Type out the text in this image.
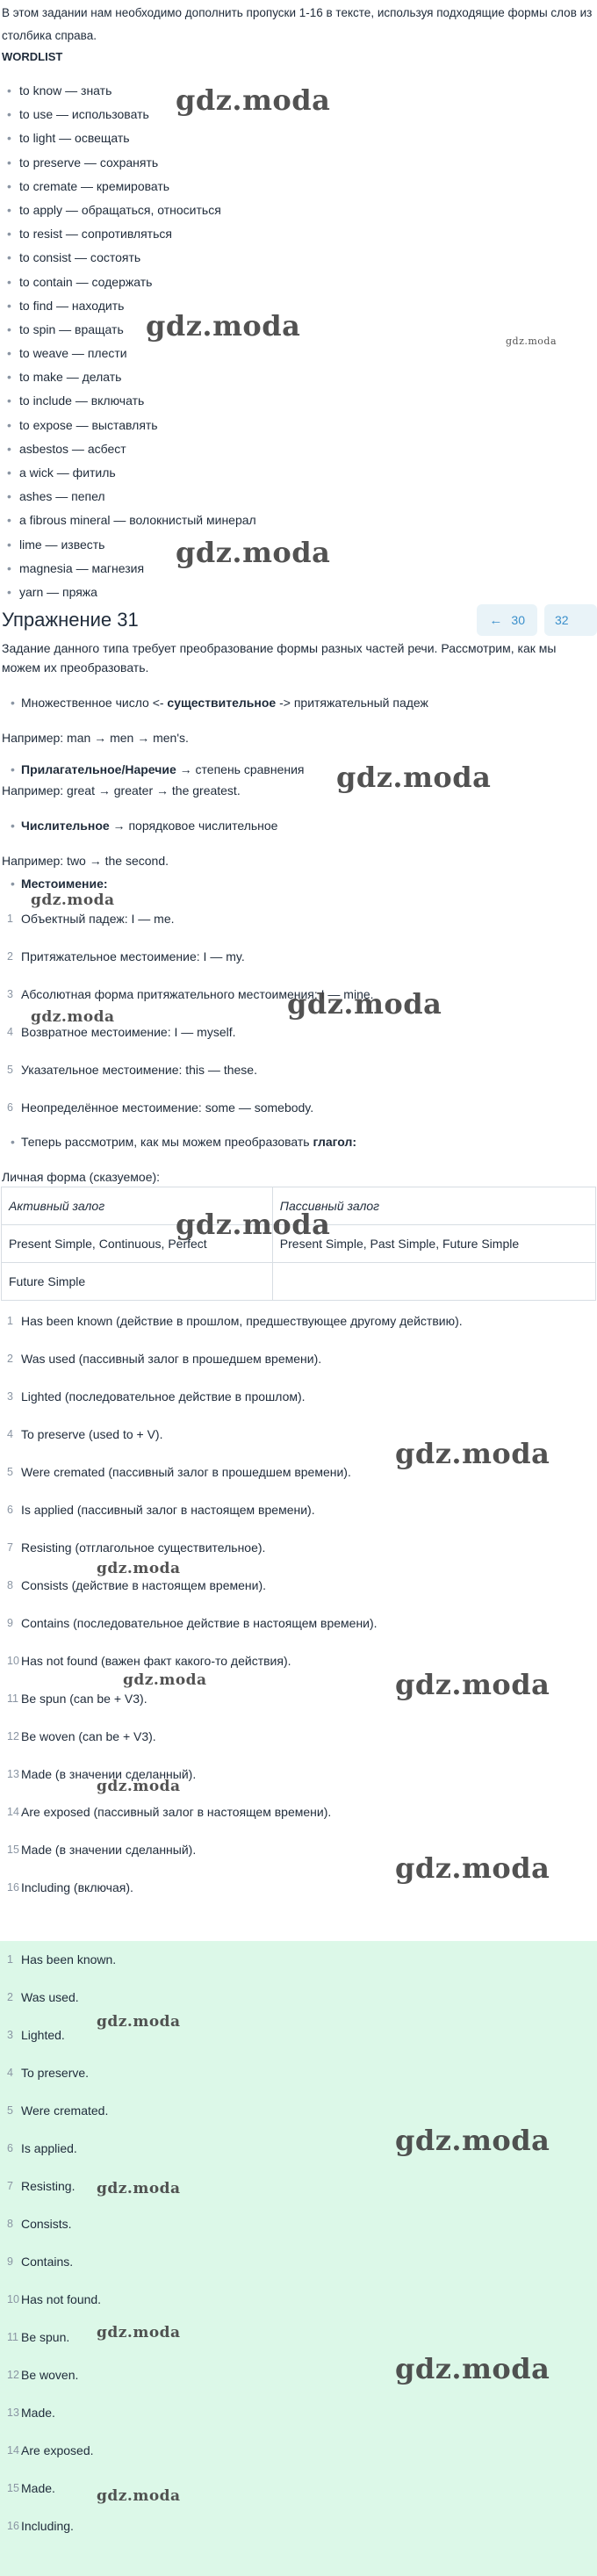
В этом задании нам необходимо дополнить пропуски 1-16 в тексте, используя подходящие формы слов из столбика справа.

WORDLIST
• to know — знать
• to use — использовать
• to light — освещать
• to preserve — сохранять
• to cremate — кремировать
• to apply — обращаться, относиться
• to resist — сопротивляться
• to consist — состоять
• to contain — содержать
• to find — находить
• to spin — вращать
• to weave — плести
• to make — делать
• to include — включать
• to expose — выставлять
• asbestos — асбест
• a wick — фитиль
• ashes — пепел
• a fibrous mineral — волокнистый минерал
• lime — известь
• magnesia — магнезия
• yarn — пряжа
Упражнение 31	← 30 32

Задание данного типа требует преобразование формы разных частей речи. Рассмотрим, как мы можем их преобразовать.

• Множественное число <- существительное -> притяжательный падеж

Например: man → men → men's.

• Прилагательное/Наречие → степень сравнения

Например: great → greater → the greatest.

• Числительное → порядковое числительное

Например: two → the second.

• Местоимение:
1 Объектный падеж: I — me.
2 Притяжательное местоимение: I — my.
3 Абсолютная форма притяжательного местоимения: I — mine.
4 Возвратное местоимение: I — myself.
5 Указательное местоимение: this — these.
6 Неопределённое местоимение: some — somebody.
• Теперь рассмотрим, как мы можем преобразовать глагол:

Личная форма (сказуемое):

Активный залог	Пассивный залог
Present Simple, Continuous, Perfect	Present Simple, Past Simple, Future Simple
Future Simple	
1 Has been known (действие в прошлом, предшествующее другому действию).
2 Was used (пассивный залог в прошедшем времени).
3 Lighted (последовательное действие в прошлом).
4 To preserve (used to + V).
5 Were cremated (пассивный залог в прошедшем времени).
6 Is applied (пассивный залог в настоящем времени).
7 Resisting (отглагольное существительное).
8 Consists (действие в настоящем времени).
9 Contains (последовательное действие в настоящем времени).
10 Has not found (важен факт какого-то действия).
11 Be spun (can be + V3).
12 Be woven (can be + V3).
13 Made (в значении сделанный).
14 Are exposed (пассивный залог в настоящем времени).
15 Made (в значении сделанный).
16 Including (включая).
1 Has been known.
2 Was used.
3 Lighted.
4 To preserve.
5 Were cremated.
6 Is applied.
7 Resisting.
8 Consists.
9 Contains.
10 Has not found.
11 Be spun.
12 Be woven.
13 Made.
14 Are exposed.
15 Made.
16 Including.
gdz.moda
gdz.moda	gdz.moda
gdz.moda
gdz.moda
gdz.moda
gdz.moda
gdz.moda
gdz.moda
gdz.moda
gdz.moda
gdz.moda
gdz.moda
gdz.moda
gdz.moda
gdz.moda
gdz.moda
gdz.moda
gdz.moda
gdz.moda
gdz.moda
